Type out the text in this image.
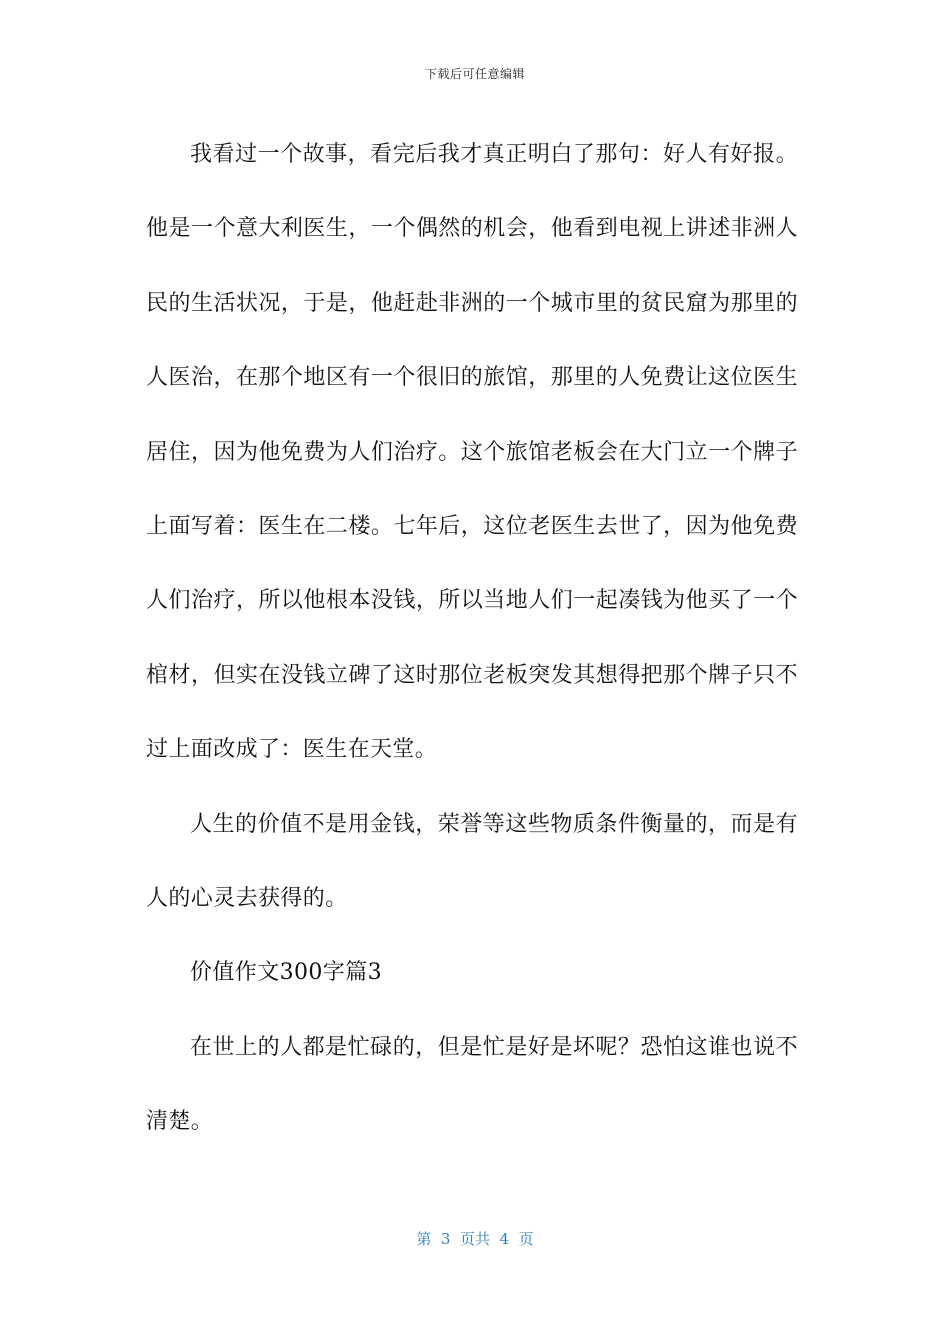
下载后可任意编辑

我看过一个故事，看完后我才真正明白了那句：好人有好报。他是一个意大利医生，一个偶然的机会，他看到电视上讲述非洲人民的生活状况，于是，他赶赴非洲的一个城市里的贫民窟为那里的人医治，在那个地区有一个很旧的旅馆，那里的人免费让这位医生居住，因为他免费为人们治疗。这个旅馆老板会在大门立一个牌子上面写着：医生在二楼。七年后，这位老医生去世了，因为他免费人们治疗，所以他根本没钱，所以当地人们一起凑钱为他买了一个棺材，但实在没钱立碑了这时那位老板突发其想得把那个牌子只不过上面改成了：医生在天堂。

人生的价值不是用金钱，荣誉等这些物质条件衡量的，而是有人的心灵去获得的。

价值作文300字篇3

在世上的人都是忙碌的，但是忙是好是坏呢？恐怕这谁也说不清楚。

第  3  页共  4  页
